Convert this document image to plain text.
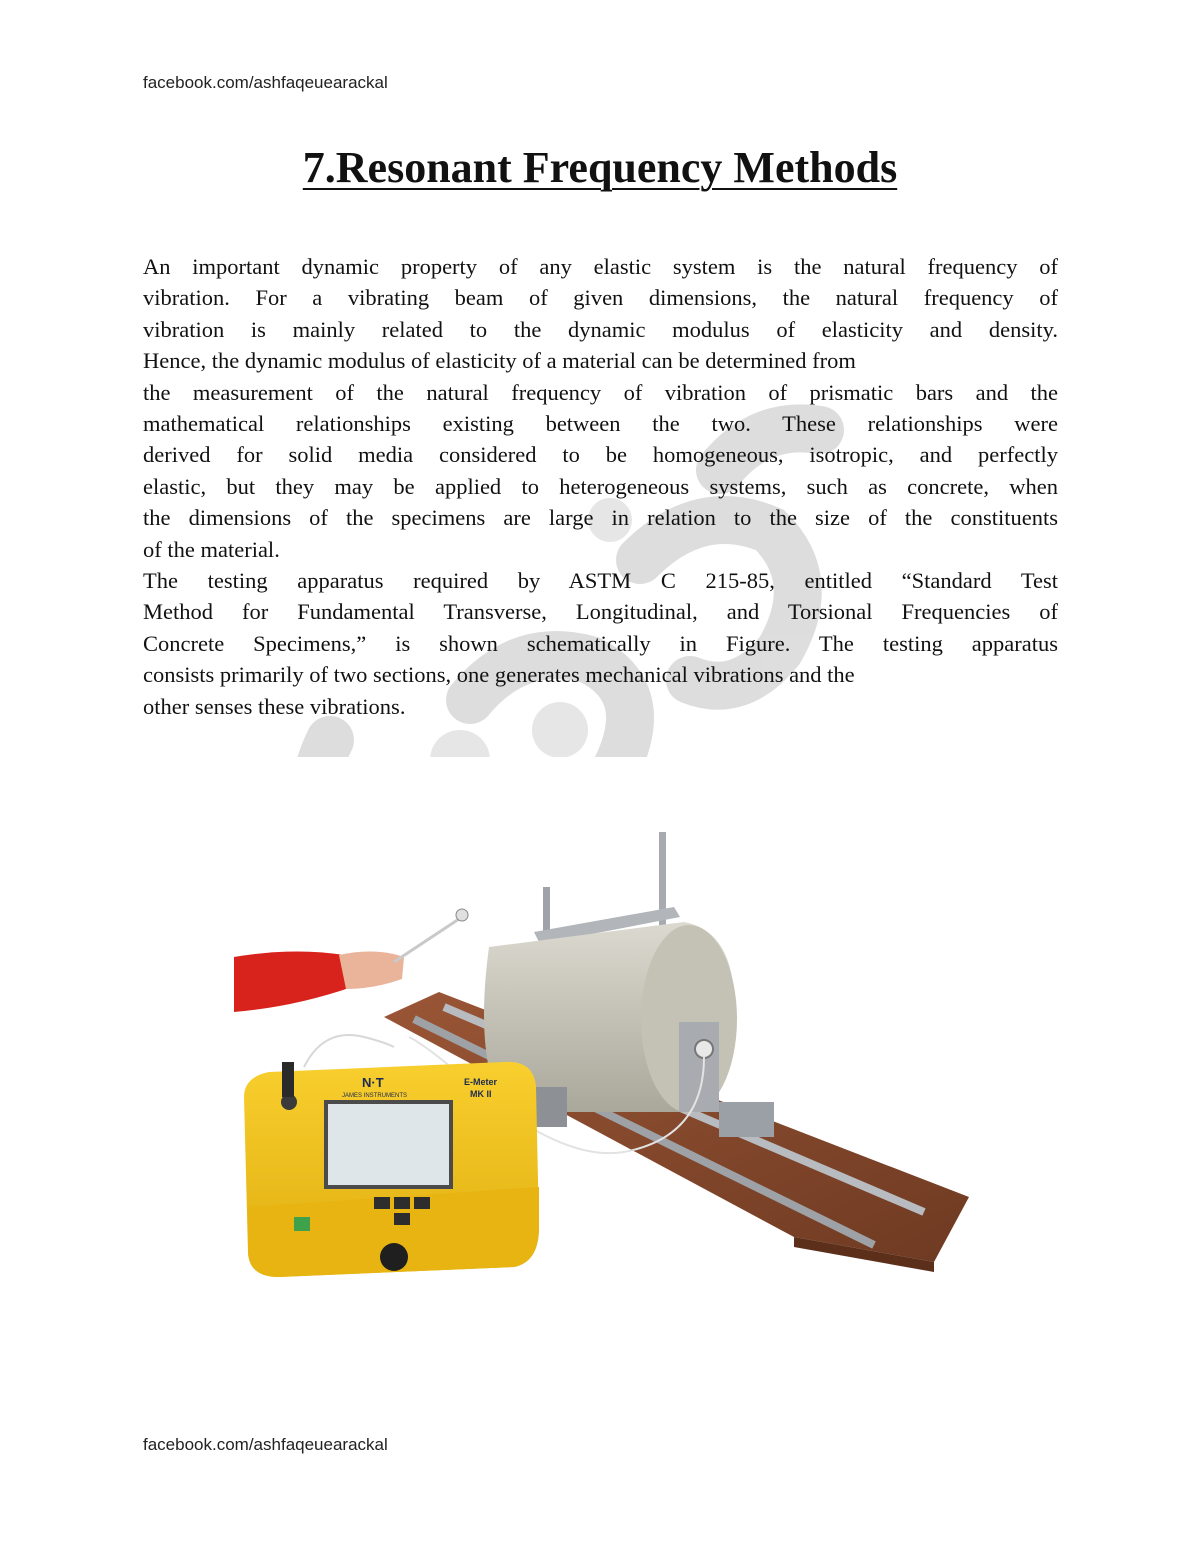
facebook.com/ashfaqeuearackal
7.Resonant Frequency Methods

An important dynamic property of any elastic system is the natural frequency of

vibration. For a vibrating beam of given dimensions, the natural frequency of

vibration is mainly related to the dynamic modulus of elasticity and density.

Hence, the dynamic modulus of elasticity of a material can be determined from

the measurement of the natural frequency of vibration of prismatic bars and the

mathematical relationships existing between the two. These relationships were

derived for solid media considered to be homogeneous, isotropic, and perfectly

elastic, but they may be applied to heterogeneous systems, such as concrete, when

the dimensions of the specimens are large in relation to the size of the constituents

of the material.

The testing apparatus required by ASTM C 215-85, entitled “Standard Test

Method for Fundamental Transverse, Longitudinal, and Torsional Frequencies of

Concrete Specimens,” is shown schematically in Figure. The testing apparatus

consists primarily of two sections, one generates mechanical vibrations and the

other senses these vibrations.

N·T
JAMES INSTRUMENTS
E-Meter
MK II
facebook.com/ashfaqeuearackal
